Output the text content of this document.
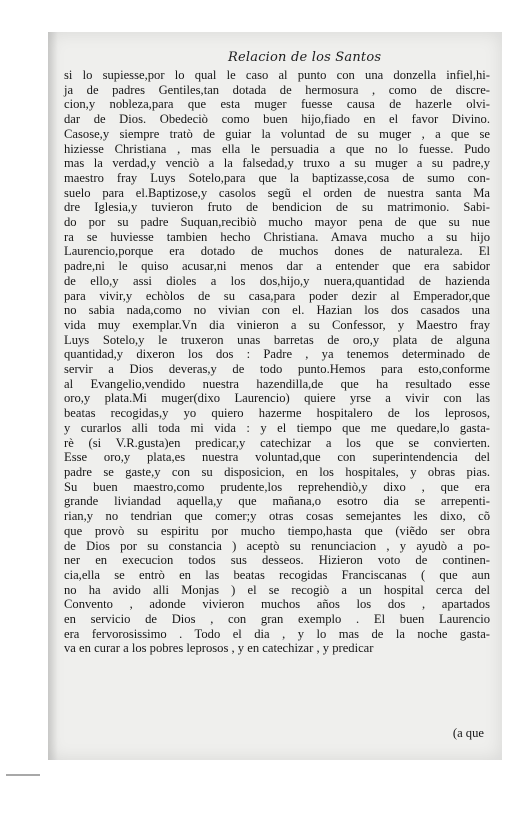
Relacion de los Santos
si lo supiesse,por lo qual le caso al punto con una donzella infiel,hi-
ja de padres Gentiles,tan dotada de hermosura , como de discre-
cion,y nobleza,para que esta muger fuesse causa de hazerle olvi-
dar de Dios. Obedeciò como buen hijo,fiado en el favor Divino.
Casose,y siempre tratò de guiar la voluntad de su muger , a que se
hiziesse Christiana , mas ella le persuadia a que no lo fuesse. Pudo
mas la verdad,y venciò a la falsedad,y truxo a su muger a su padre,y
maestro fray Luys Sotelo,para que la baptizasse,cosa de sumo con-
suelo para el.Baptizose,y casolos segũ el orden de nuestra santa Ma
dre Iglesia,y tuvieron fruto de bendicion de su matrimonio. Sabi-
do por su padre Suquan,recibiò mucho mayor pena de que su nue
ra se huviesse tambien hecho Christiana. Amava mucho a su hijo
Laurencio,porque era dotado de muchos dones de naturaleza. El
padre,ni le quiso acusar,ni menos dar a entender que era sabidor
de ello,y assi dioles a los dos,hijo,y nuera,quantidad de hazienda
para vivir,y echòlos de su casa,para poder dezir al Emperador,que
no sabia nada,como no vivian con el. Hazian los dos casados una
vida muy exemplar.Vn dia vinieron a su Confessor, y Maestro fray
Luys Sotelo,y le truxeron unas barretas de oro,y plata de alguna
quantidad,y dixeron los dos : Padre , ya tenemos determinado de
servir a Dios deveras,y de todo punto.Hemos para esto,conforme
al Evangelio,vendido nuestra hazendilla,de que ha resultado esse
oro,y plata.Mi muger(dixo Laurencio) quiere yrse a vivir con las
beatas recogidas,y yo quiero hazerme hospitalero de los leprosos,
y curarlos alli toda mi vida : y el tiempo que me quedare,lo gasta-
rè (si V.R.gusta)en predicar,y catechizar a los que se convierten.
Esse oro,y plata,es nuestra voluntad,que con superintendencia del
padre se gaste,y con su disposicion, en los hospitales, y obras pias.
Su buen maestro,como prudente,los reprehendiò,y dixo , que era
grande liviandad aquella,y que mañana,o esotro dia se arrepenti-
rian,y no tendrian que comer;y otras cosas semejantes les dixo, cõ
que provò su espiritu por mucho tiempo,hasta que (viẽdo ser obra
de Dios por su constancia ) aceptò su renunciacion , y ayudò a po-
ner en execucion todos sus desseos. Hizieron voto de continen-
cia,ella se entrò en las beatas recogidas Franciscanas ( que aun
no ha avido alli Monjas ) el se recogiò a un hospital cerca del
Convento , adonde vivieron muchos años los dos , apartados
en servicio de Dios , con gran exemplo . El buen Laurencio
era fervorosissimo . Todo el dia , y lo mas de la noche gasta-
va en curar a los pobres leprosos , y en catechizar , y predicar
(a que
